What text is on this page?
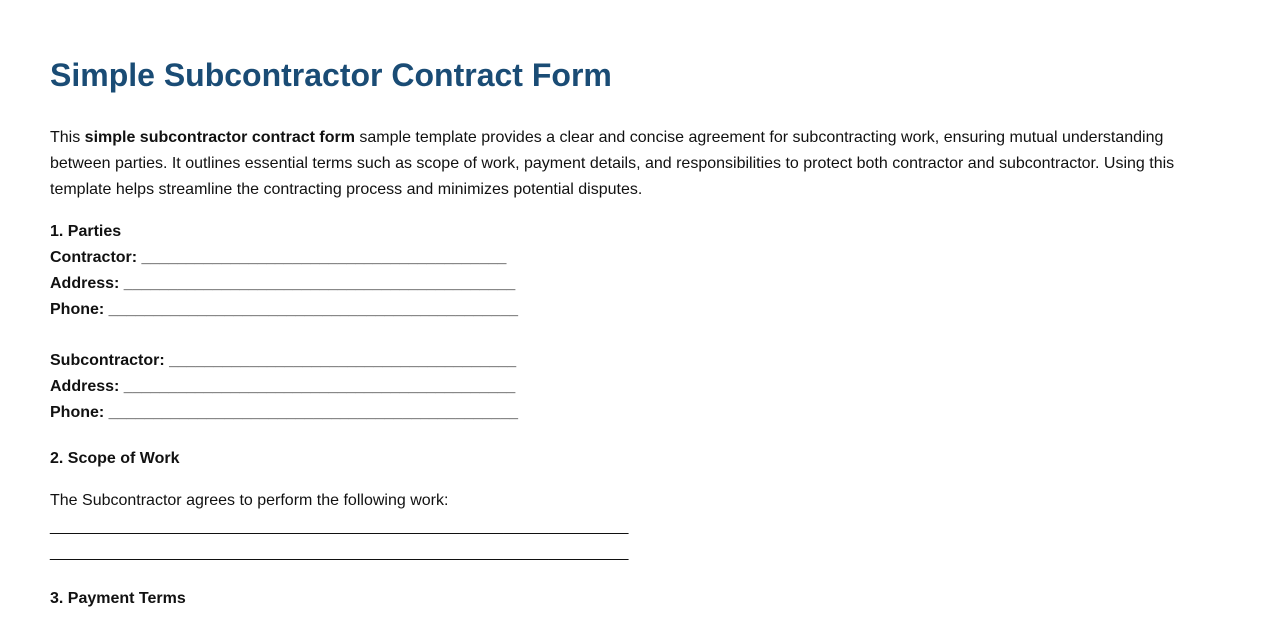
Simple Subcontractor Contract Form

This simple subcontractor contract form sample template provides a clear and concise agreement for subcontracting work, ensuring mutual understanding between parties. It outlines essential terms such as scope of work, payment details, and responsibilities to protect both contractor and subcontractor. Using this template helps streamline the contracting process and minimizes potential disputes.

1. Parties
Contractor: _________________________________________
Address: ____________________________________________
Phone: ______________________________________________
Subcontractor: _______________________________________
Address: ____________________________________________
Phone: ______________________________________________
2. Scope of Work
The Subcontractor agrees to perform the following work:
_________________________________________________________________
_________________________________________________________________
3. Payment Terms
